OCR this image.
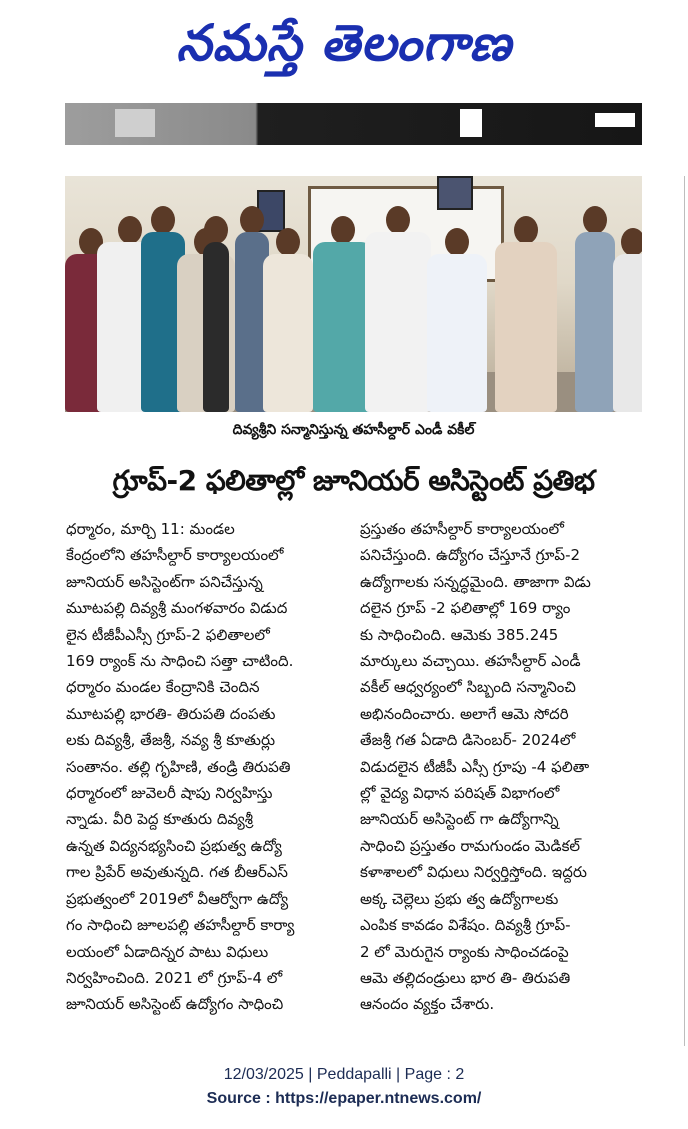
నమస్తే తెలంగాణ
దివ్యశ్రీని సన్మానిస్తున్న తహసీల్దార్ ఎండీ వకీల్
గ్రూప్-2 ఫలితాల్లో జూనియర్ అసిస్టెంట్ ప్రతిభ
ధర్మారం, మార్చి 11: మండల
కేంద్రంలోని తహసీల్దార్ కార్యాలయంలో
జూనియర్ అసిస్టెంట్‌గా పనిచేస్తున్న
మూటపల్లి దివ్యశ్రీ మంగళవారం విడుద
లైన టీజీపీఎస్సీ గ్రూప్-2 ఫలితాలలో
169 ర్యాంక్ ను సాధించి సత్తా చాటింది.
ధర్మారం మండల కేంద్రానికి చెందిన
మూటపల్లి భారతి- తిరుపతి దంపతు
లకు దివ్యశ్రీ, తేజశ్రీ, నవ్య శ్రీ కూతుర్లు
సంతానం. తల్లి గృహిణి, తండ్రి తిరుపతి
ధర్మారంలో జువెలరీ షాపు నిర్వహిస్తు
న్నాడు. వీరి పెద్ద కూతురు దివ్యశ్రీ
ఉన్నత విద్యనభ్యసించి ప్రభుత్వ ఉద్యో
గాల ప్రిపేర్ అవుతున్నది. గత బీఆర్ఎస్
ప్రభుత్వంలో 2019లో వీఆర్వోగా ఉద్యో
గం సాధించి జూలపల్లి తహసీల్దార్ కార్యా
లయంలో ఏడాదిన్నర పాటు విధులు
నిర్వహించింది. 2021 లో గ్రూప్-4 లో
జూనియర్ అసిస్టెంట్ ఉద్యోగం సాధించి
ప్రస్తుతం తహసీల్దార్ కార్యాలయంలో
పనిచేస్తుంది. ఉద్యోగం చేస్తూనే గ్రూప్-2
ఉద్యోగాలకు సన్నద్ధమైంది. తాజాగా విడు
దలైన గ్రూప్ -2 ఫలితాల్లో 169 ర్యాం
కు సాధించింది. ఆమెకు 385.245
మార్కులు వచ్చాయి. తహసీల్దార్ ఎండీ
వకీల్ ఆధ్వర్యంలో సిబ్బంది సన్మానించి
అభినందించారు. అలాగే ఆమె సోదరి
తేజశ్రీ గత ఏడాది డిసెంబర్- 2024లో
విడుదలైన టీజీపీ ఎస్సీ గ్రూపు -4 ఫలితా
ల్లో వైద్య విధాన పరిషత్ విభాగంలో
జూనియర్ అసిస్టెంట్ గా ఉద్యోగాన్ని
సాధించి ప్రస్తుతం రామగుండం మెడికల్
కళాశాలలో విధులు నిర్వర్తిస్తోంది. ఇద్దరు
అక్క చెల్లెలు ప్రభు త్వ ఉద్యోగాలకు
ఎంపిక కావడం విశేషం. దివ్యశ్రీ గ్రూప్-
2 లో మెరుగైన ర్యాంకు సాధించడంపై
ఆమె తల్లిదండ్రులు భార తి- తిరుపతి
ఆనందం వ్యక్తం చేశారు.
12/03/2025 | Peddapalli | Page : 2
Source : https://epaper.ntnews.com/
